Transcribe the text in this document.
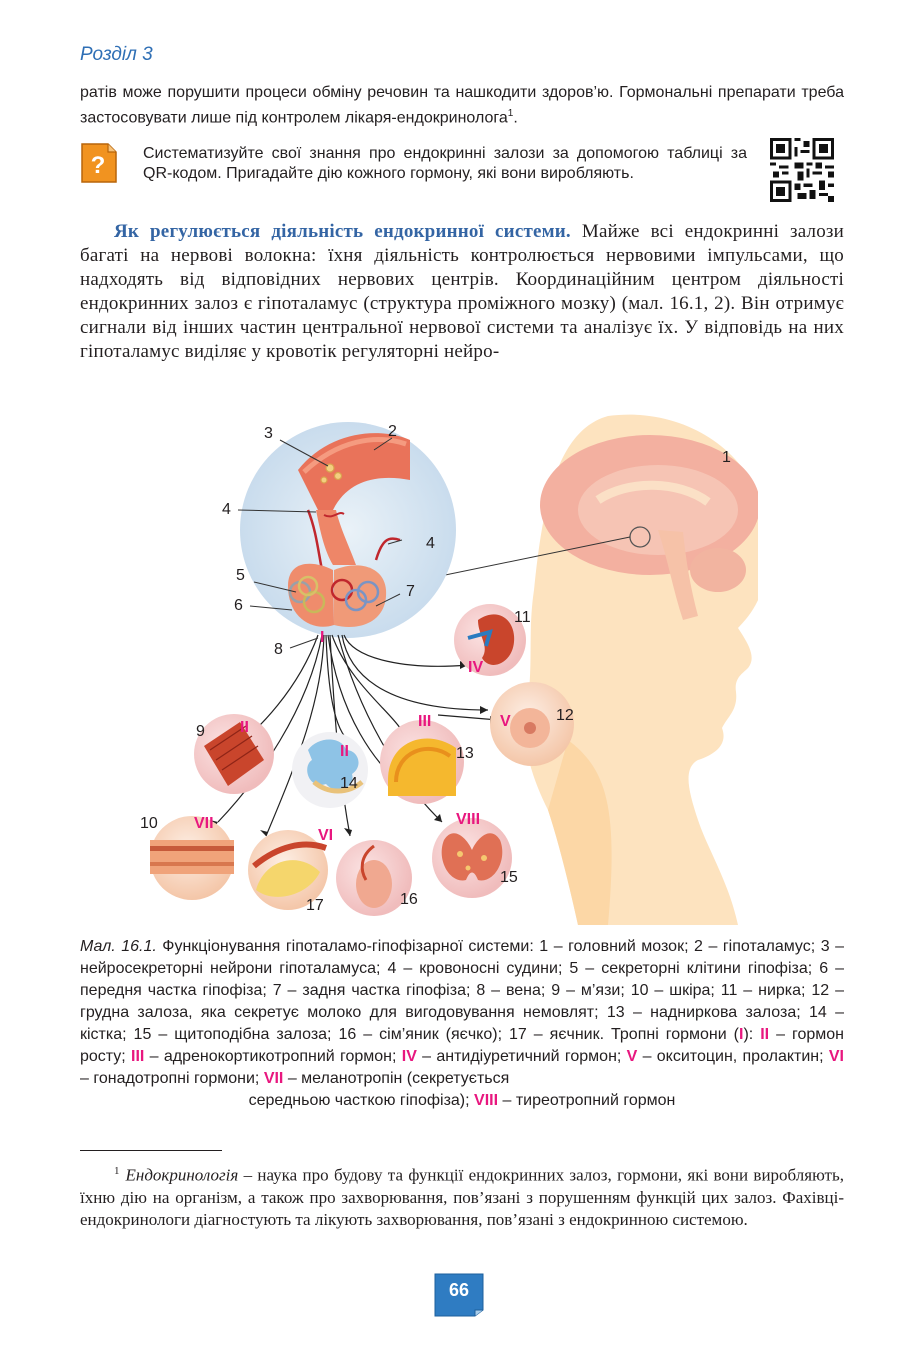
Розділ 3
ратів може порушити процеси обміну речовин та нашкодити здоров’ю. Гормональні препарати треба застосовувати лише під контролем лікаря-ендокринолога$^1$.
? Систематизуйте свої знання про ендокринні залози за допомогою таблиці за QR-кодом. Пригадайте дію кожного гормону, які вони виробляють.
Як регулюється діяльність ендокринної системи. Майже всі ендокринні залози багаті на нервові волокна: їхня діяльність контролюється нервовими імпульсами, що надходять від відповідних нервових центрів. Координаційним центром діяльності ендокринних залоз є гіпоталамус (структура проміжного мозку) (мал. 16.1, 2). Він отримує сигнали від інших частин центральної нервової системи та аналізує їх. У відповідь на них гіпоталамус виділяє у кровотік регуляторні нейро-
3	2
1
4
4
5
6
7
8
11
12
9
13
14
10
15
16
17
I
IV
II	III	V
II
VII	VIII
VI
Мал. 16.1. Функціонування гіпоталамо-гіпофізарної системи: 1 – головний мозок; 2 – гіпоталамус; 3 – нейросекреторні нейрони гіпоталамуса; 4 – кровоносні судини; 5 – секреторні клітини гіпофіза; 6 – передня частка гіпофіза; 7 – задня частка гіпофіза; 8 – вена; 9 – м’язи; 10 – шкіра; 11 – нирка; 12 – грудна залоза, яка секретує молоко для вигодовування немовлят; 13 – надниркова залоза; 14 – кістка; 15 – щитоподібна залоза; 16 – сім’яник (яєчко); 17 – яєчник. Тропні гормони (I): II – гормон росту; III – адренокортикотропний гормон; IV – антидіуретичний гормон; V – окситоцин, пролактин; VI – гонадотропні гормони; VII – меланотропін (секретується
середньою часткою гіпофіза); VIII – тиреотропний гормон
$^1$ Ендокринологія – наука про будову та функції ендокринних залоз, гормони, які вони виробляють, їхню дію на організм, а також про захворювання, пов’язані з порушенням функцій цих залоз. Фахівці-ендокринологи діагностують та лікують захворювання, пов’язані з ендокринною системою.
66
